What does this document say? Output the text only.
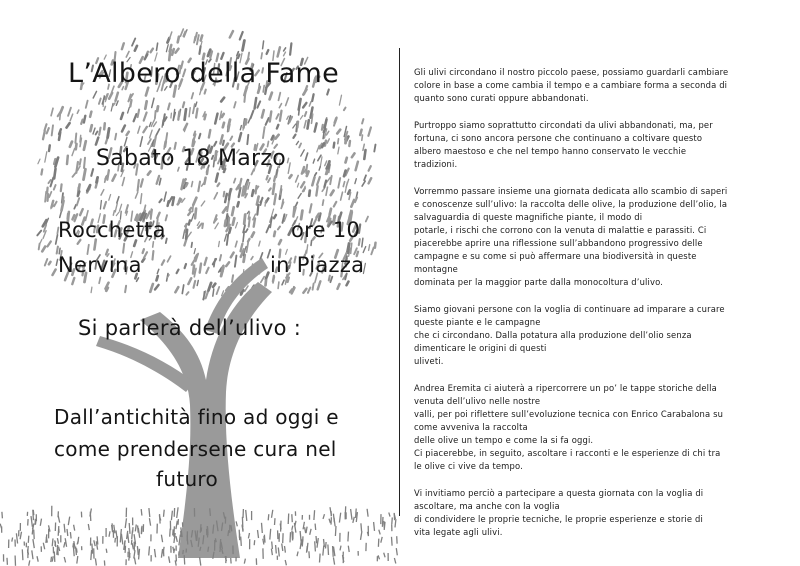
L’Albero della Fame
Sabato 18 Marzo
Rocchetta
Nervina
ore 10
in Piazza
Si parlerà dell’ulivo :
Dall’antichità fino ad oggi e
come prendersene cura nel
futuro

Gli ulivi circondano il nostro piccolo paese, possiamo guardarli cambiare
colore in base a come cambia il tempo e a cambiare forma a seconda di
quanto sono curati oppure abbandonati.

Purtroppo siamo soprattutto circondati da ulivi abbandonati, ma, per
fortuna, ci sono ancora persone che continuano a coltivare questo
albero maestoso e che nel tempo hanno conservato le vecchie
tradizioni.

Vorremmo passare insieme una giornata dedicata allo scambio di saperi
e conoscenze sull’ulivo: la raccolta delle olive, la produzione dell’olio, la
salvaguardia di queste magnifiche piante, il modo di
potarle, i rischi che corrono con la venuta di malattie e parassiti. Ci
piacerebbe aprire una riflessione sull’abbandono progressivo delle
campagne e su come si può affermare una biodiversità in queste
montagne
dominata per la maggior parte dalla monocoltura d’ulivo.

Siamo giovani persone con la voglia di continuare ad imparare a curare
queste piante e le campagne
che ci circondano. Dalla potatura alla produzione dell’olio senza
dimenticare le origini di questi
uliveti.

Andrea Eremita ci aiuterà a ripercorrere un po’ le tappe storiche della
venuta dell’ulivo nelle nostre
valli, per poi riflettere sull’evoluzione tecnica con Enrico Carabalona su
come avveniva la raccolta
delle olive un tempo e come la si fa oggi.
Ci piacerebbe, in seguito, ascoltare i racconti e le esperienze di chi tra
le olive ci vive da tempo.

Vi invitiamo perciò a partecipare a questa giornata con la voglia di
ascoltare, ma anche con la voglia
di condividere le proprie tecniche, le proprie esperienze e storie di
vita legate agli ulivi.
